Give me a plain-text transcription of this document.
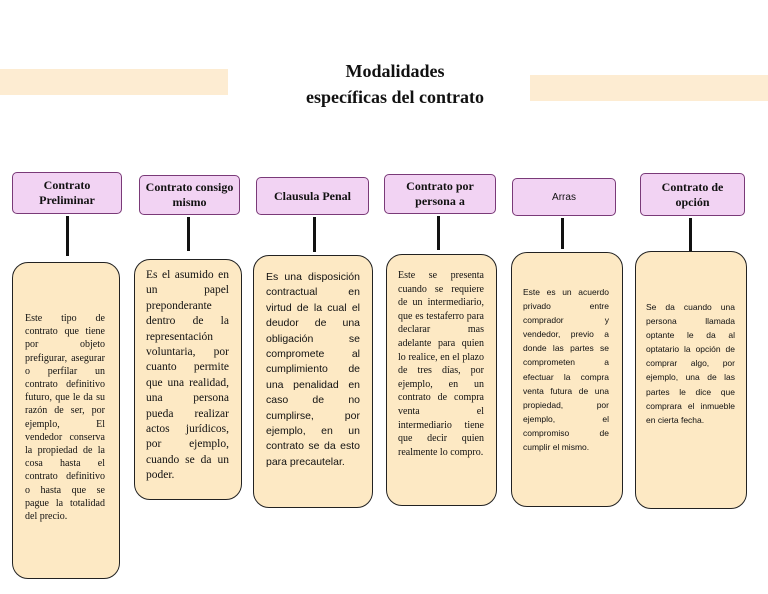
Modalidades
específicas del contrato
Contrato Preliminar
Este tipo de contrato que tiene por objeto prefigurar, asegurar o perfilar un contrato definitivo futuro, que le da su razón de ser, por ejemplo, El vendedor conserva la propiedad de la cosa hasta el contrato definitivo o hasta que se pague la totalidad del precio.
Contrato consigo mismo
Es el asumido en un papel preponderante dentro de la representación voluntaria, por cuanto permite que una realidad, una persona pueda realizar actos jurídicos, por ejemplo, cuando se da un poder.
Clausula Penal
Es una disposición contractual en virtud de la cual el deudor de una obligación se compromete al cumplimiento de una penalidad en caso de no cumplirse, por ejemplo, en un contrato se da esto para precautelar.
Contrato por persona a
Este se presenta cuando se requiere de un intermediario, que es testaferro para declarar mas adelante para quien lo realice, en el plazo de tres días, por ejemplo, en un contrato de compra venta el intermediario tiene que decir quien realmente lo compro.
Arras
Este es un acuerdo privado entre comprador y vendedor, previo a donde las partes se comprometen a efectuar la compra venta futura de una propiedad, por ejemplo, el compromiso de cumplir el mismo.
Contrato de opción
Se da cuando una persona llamada optante le da al optatario la opción de comprar algo, por ejemplo, una de las partes le dice que comprara el inmueble en cierta fecha.
